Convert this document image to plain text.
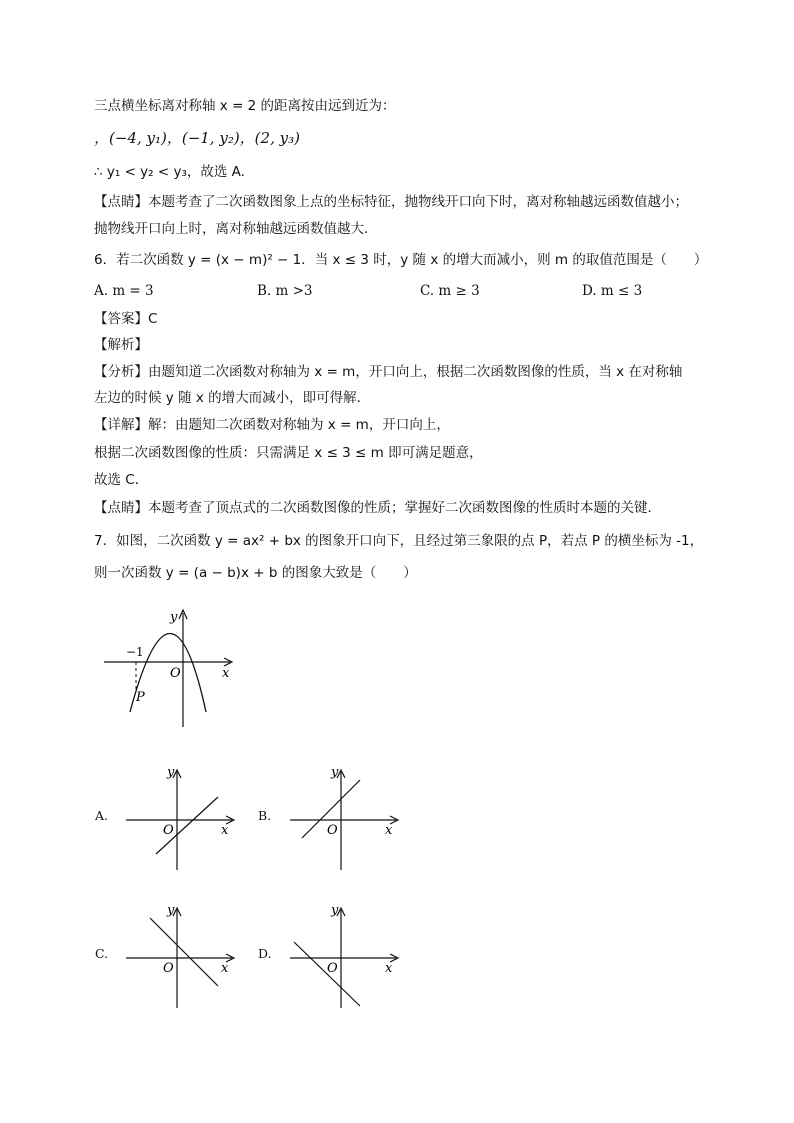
三点横坐标离对称轴 x = 2 的距离按由远到近为：
，(−4, y₁)，(−1, y₂)，(2, y₃)
∴ y₁ < y₂ < y₃，故选 A.
【点睛】本题考查了二次函数图象上点的坐标特征，抛物线开口向下时，离对称轴越远函数值越小；
抛物线开口向上时，离对称轴越远函数值越大．
6．若二次函数 y = (x − m)² − 1．当 x ≤ 3 时，y 随 x 的增大而减小，则 m 的取值范围是（　　）
A. m = 3	B. m >3	C. m ≥ 3	D. m ≤ 3
【答案】C
【解析】
【分析】由题知道二次函数对称轴为 x = m，开口向上，根据二次函数图像的性质，当 x 在对称轴
左边的时候 y 随 x 的增大而减小，即可得解．
【详解】解：由题知二次函数对称轴为 x = m，开口向上，
根据二次函数图像的性质：只需满足 x ≤ 3 ≤ m 即可满足题意，
故选 C．
【点睛】本题考查了顶点式的二次函数图像的性质；掌握好二次函数图像的性质时本题的关键．
7．如图，二次函数 y = ax² + bx 的图象开口向下，且经过第三象限的点 P，若点 P 的横坐标为 -1，
则一次函数 y = (a − b)x + b 的图象大致是（　　）
y
x
O
−1
P
A.
y
x
O
B.
y
x
O
C.
y
x
O
D.
y
x
O
